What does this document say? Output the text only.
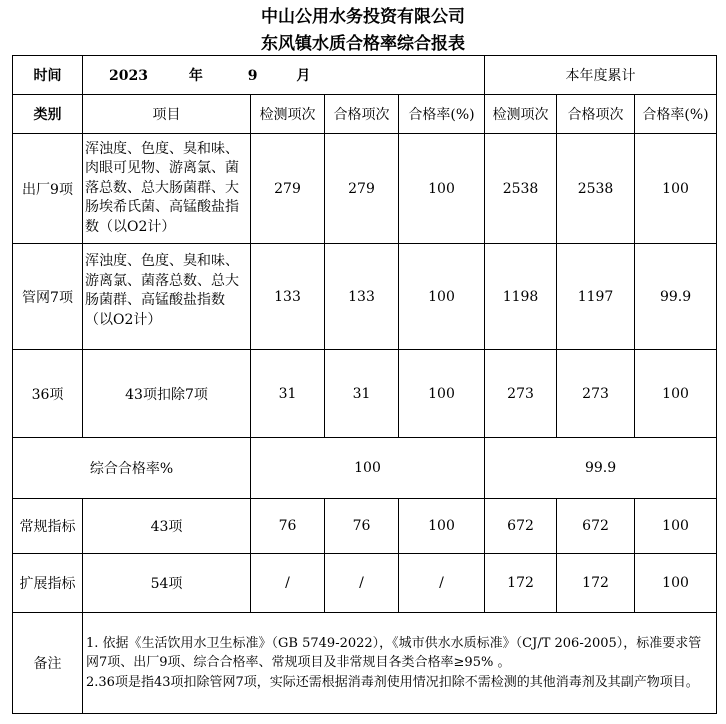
中山公用水务投资有限公司
东风镇水质合格率综合报表
时间	2023 年 9 月				本年度累计		
类别	项目	检测项次	合格项次	合格率(%)	检测项次	合格项次	合格率(%)
出厂9项	浑浊度、色度、臭和味、肉眼可见物、游离氯、菌落总数、总大肠菌群、大肠埃希氏菌、高锰酸盐指数（以O2计）	279	279	100	2538	2538	100
管网7项	浑浊度、色度、臭和味、游离氯、菌落总数、总大肠菌群、高锰酸盐指数（以O2计）	133	133	100	1198	1197	99.9
36项	43项扣除7项	31	31	100	273	273	100
综合合格率%		100			99.9		
常规指标	43项	76	76	100	672	672	100
扩展指标	54项	/	/	/	172	172	100
备注	1. 依据《生活饮用水卫生标准》（GB 5749-2022），《城市供水水质标准》（CJ/T 206-2005），标准要求管网7项、出厂9项、综合合格率、常规项目及非常规目各类合格率≥95% 。
2.36项是指43项扣除管网7项，实际还需根据消毒剂使用情况扣除不需检测的其他消毒剂及其副产物项目。						
